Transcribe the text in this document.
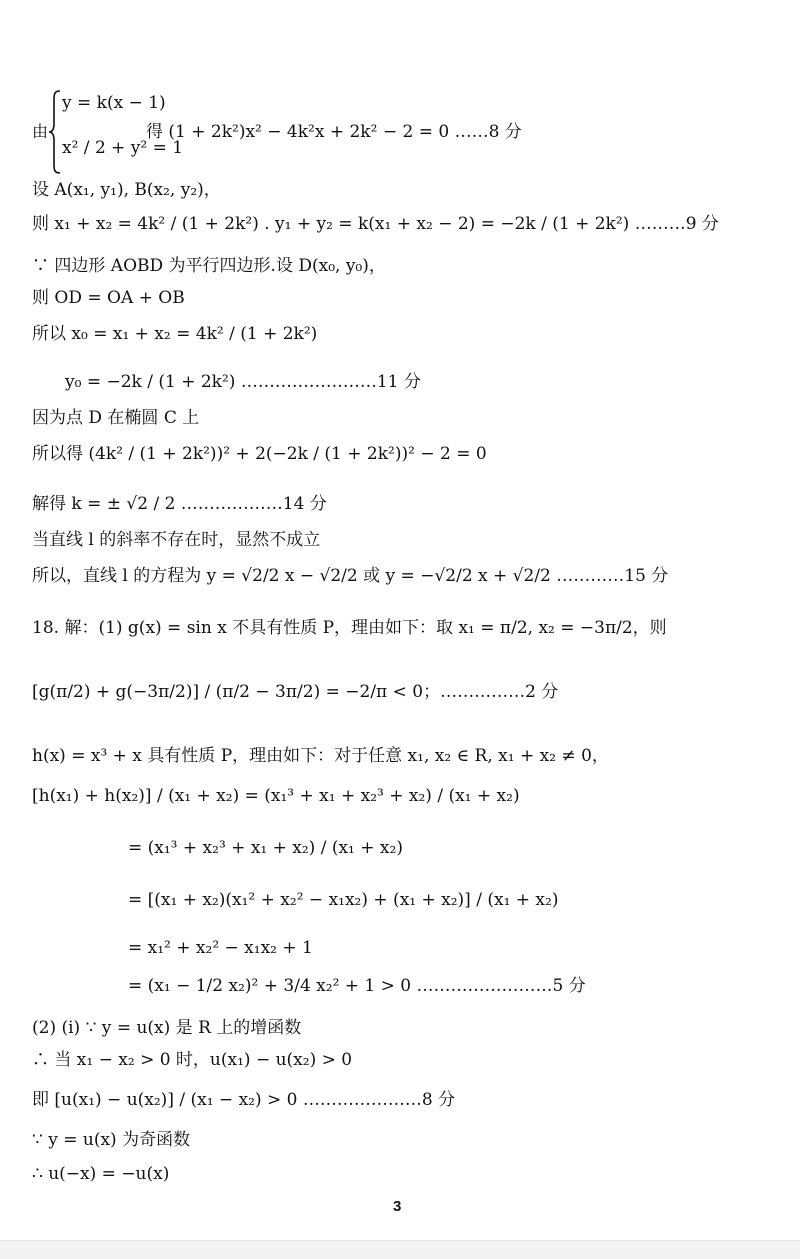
y = k(x − 1)
由
x² / 2 + y² = 1
得 (1 + 2k²)x² − 4k²x + 2k² − 2 = 0 ……8 分
设 A(x₁, y₁), B(x₂, y₂)，
则 x₁ + x₂ = 4k² / (1 + 2k²) . y₁ + y₂ = k(x₁ + x₂ − 2) = −2k / (1 + 2k²) ………9 分
∵ 四边形 AOBD 为平行四边形.设 D(x₀, y₀)，
则 OD = OA + OB
所以 x₀ = x₁ + x₂ = 4k² / (1 + 2k²)
y₀ = −2k / (1 + 2k²) ……………………11 分
因为点 D 在椭圆 C 上
所以得 (4k² / (1 + 2k²))² + 2(−2k / (1 + 2k²))² − 2 = 0
解得 k = ± √2 / 2 ………………14 分
当直线 l 的斜率不存在时，显然不成立
所以，直线 l 的方程为 y = √2/2 x − √2/2 或 y = −√2/2 x + √2/2 …………15 分
18. 解：(1) g(x) = sin x 不具有性质 P，理由如下：取 x₁ = π/2, x₂ = −3π/2，则
[g(π/2) + g(−3π/2)] / (π/2 − 3π/2) = −2/π < 0；……………2 分
h(x) = x³ + x 具有性质 P，理由如下：对于任意 x₁, x₂ ∈ R, x₁ + x₂ ≠ 0，
[h(x₁) + h(x₂)] / (x₁ + x₂) = (x₁³ + x₁ + x₂³ + x₂) / (x₁ + x₂)
= (x₁³ + x₂³ + x₁ + x₂) / (x₁ + x₂)
= [(x₁ + x₂)(x₁² + x₂² − x₁x₂) + (x₁ + x₂)] / (x₁ + x₂)
= x₁² + x₂² − x₁x₂ + 1
= (x₁ − 1/2 x₂)² + 3/4 x₂² + 1 > 0 ……………………5 分
(2) (ⅰ) ∵ y = u(x) 是 R 上的增函数
∴ 当 x₁ − x₂ > 0 时，u(x₁) − u(x₂) > 0
即 [u(x₁) − u(x₂)] / (x₁ − x₂) > 0 …………………8 分
∵ y = u(x) 为奇函数
∴ u(−x) = −u(x)
3
